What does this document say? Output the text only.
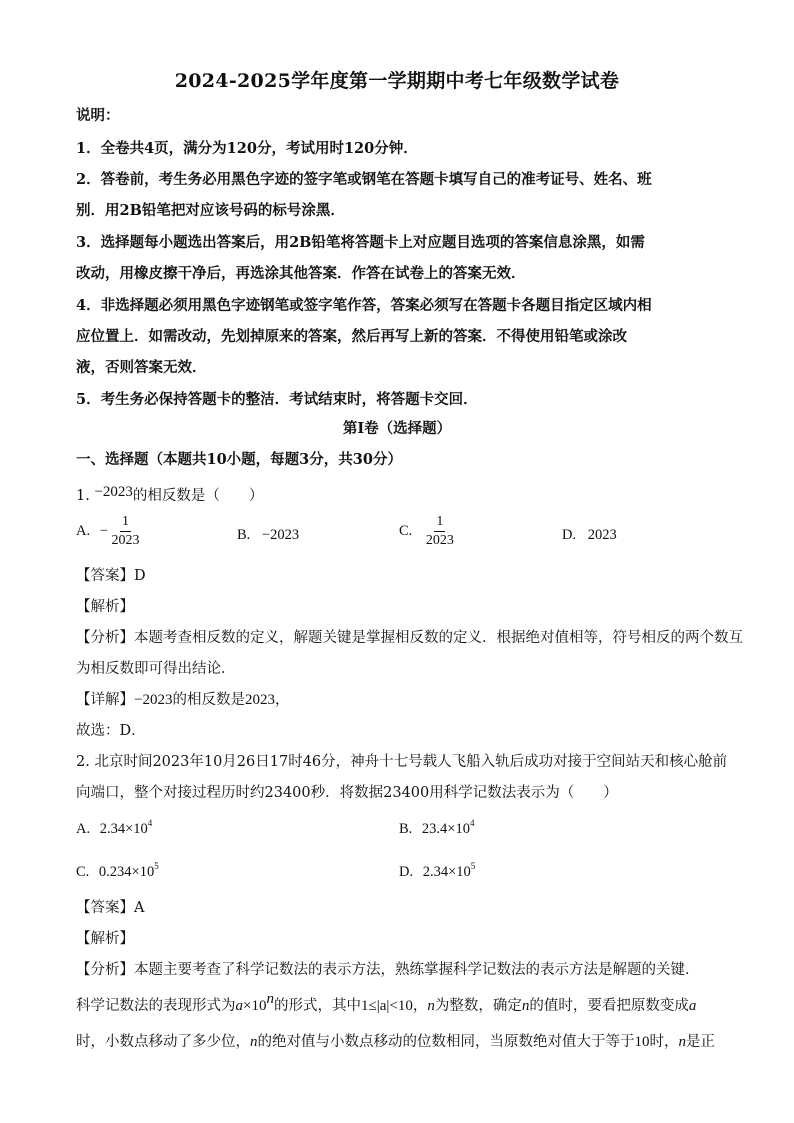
2024-2025学年度第一学期期中考七年级数学试卷
说明：
1．全卷共4页，满分为120分，考试用时120分钟．
2．答卷前，考生务必用黑色字迹的签字笔或钢笔在答题卡填写自己的准考证号、姓名、班
别．用2B铅笔把对应该号码的标号涂黑．
3．选择题每小题选出答案后，用2B铅笔将答题卡上对应题目选项的答案信息涂黑，如需
改动，用橡皮擦干净后，再选涂其他答案．作答在试卷上的答案无效．
4．非选择题必须用黑色字迹钢笔或签字笔作答，答案必须写在答题卡各题目指定区域内相
应位置上．如需改动，先划掉原来的答案，然后再写上新的答案．不得使用铅笔或涂改
液，否则答案无效．
5．考生务必保持答题卡的整洁．考试结束时，将答题卡交回．
第I卷（选择题）
一、选择题（本题共10小题，每题3分，共30分）
1. −2023的相反数是（　　）
A. − $\frac{1}{2023}$	B. −2023	C. $\frac{1}{2023}$	D. 2023
【答案】D
【解析】
【分析】本题考查相反数的定义，解题关键是掌握相反数的定义．根据绝对值相等，符号相反的两个数互
为相反数即可得出结论．
【详解】−2023的相反数是2023，
故选：D．
2. 北京时间2023年10月26日17时46分，神舟十七号载人飞船入轨后成功对接于空间站天和核心舱前
向端口，整个对接过程历时约23400秒．将数据23400用科学记数法表示为（　　）
A. $2.34\times 10^4$	B. $23.4\times 10^4$
C. $0.234\times 10^5$	D. $2.34\times 10^5$
【答案】A
【解析】
【分析】本题主要考查了科学记数法的表示方法，熟练掌握科学记数法的表示方法是解题的关键．
科学记数法的表现形式为$a\times 10^n$的形式，其中1≤|a|<10，n为整数，确定n的值时，要看把原数变成a
时，小数点移动了多少位，n的绝对值与小数点移动的位数相同，当原数绝对值大于等于10时，n是正
